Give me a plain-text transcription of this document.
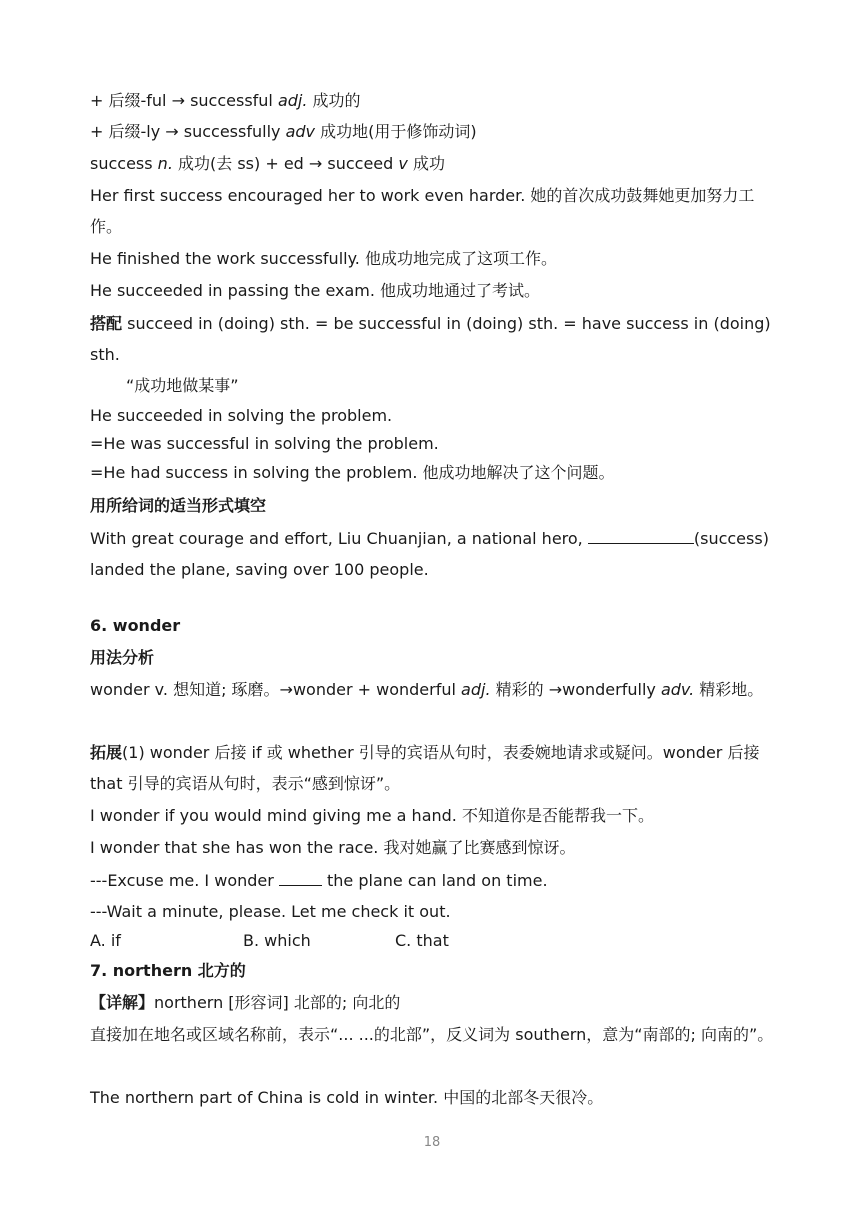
+ 后缀-ful → successful adj. 成功的
+ 后缀-ly → successfully adv 成功地(用于修饰动词)
success n. 成功(去 ss) + ed → succeed v 成功
Her first success encouraged her to work even harder. 她的首次成功鼓舞她更加努力工作。
He finished the work successfully. 他成功地完成了这项工作。
He succeeded in passing the exam. 他成功地通过了考试。
搭配 succeed in (doing) sth. = be successful in (doing) sth. = have success in (doing) sth.
“成功地做某事”
He succeeded in solving the problem.
=He was successful in solving the problem.
=He had success in solving the problem. 他成功地解决了这个问题。
用所给词的适当形式填空
With great courage and effort, Liu Chuanjian, a national hero,	(success) landed the plane, saving over 100 people.
6. wonder
用法分析
wonder v. 想知道; 琢磨。→wonder + wonderful adj. 精彩的 →wonderfully adv. 精彩地。
拓展(1) wonder 后接 if 或 whether 引导的宾语从句时，表委婉地请求或疑问。wonder 后接 that 引导的宾语从句时，表示“感到惊讶”。
I wonder if you would mind giving me a hand. 不知道你是否能帮我一下。
I wonder that she has won the race. 我对她赢了比赛感到惊讶。
---Excuse me. I wonder	the plane can land on time.
---Wait a minute, please. Let me check it out.
A. if	B. which	C. that
7. northern 北方的
【详解】northern [形容词] 北部的; 向北的
直接加在地名或区域名称前，表示“... ...的北部”，反义词为 southern，意为“南部的; 向南的”。
The northern part of China is cold in winter. 中国的北部冬天很冷。
18
